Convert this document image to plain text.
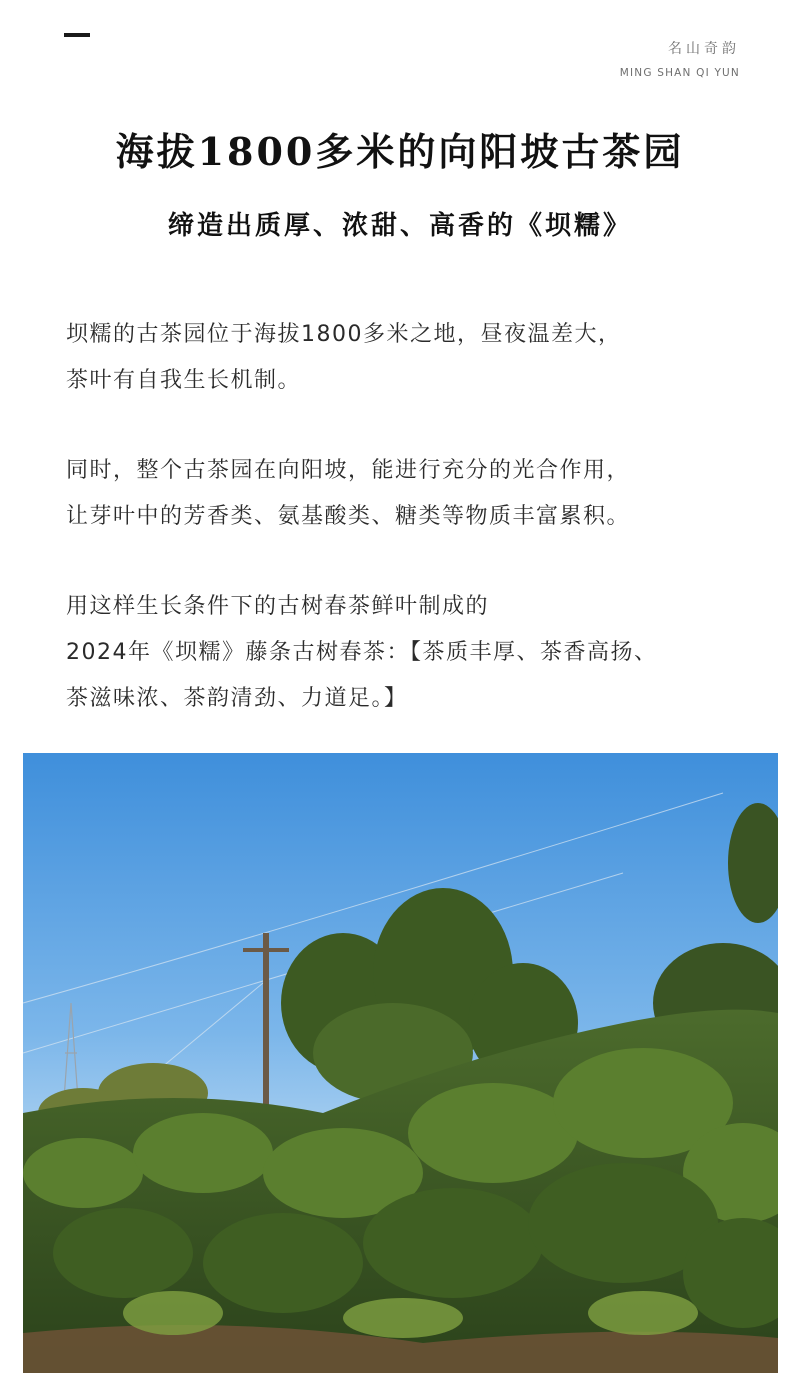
名山奇韵
MING SHAN QI YUN
海拔1800多米的向阳坡古茶园
缔造出质厚、浓甜、高香的《坝糯》
坝糯的古茶园位于海拔1800多米之地，昼夜温差大，
茶叶有自我生长机制。
同时，整个古茶园在向阳坡，能进行充分的光合作用，
让芽叶中的芳香类、氨基酸类、糖类等物质丰富累积。
用这样生长条件下的古树春茶鲜叶制成的
2024年《坝糯》藤条古树春茶：【茶质丰厚、茶香高扬、
茶滋味浓、茶韵清劲、力道足。】
